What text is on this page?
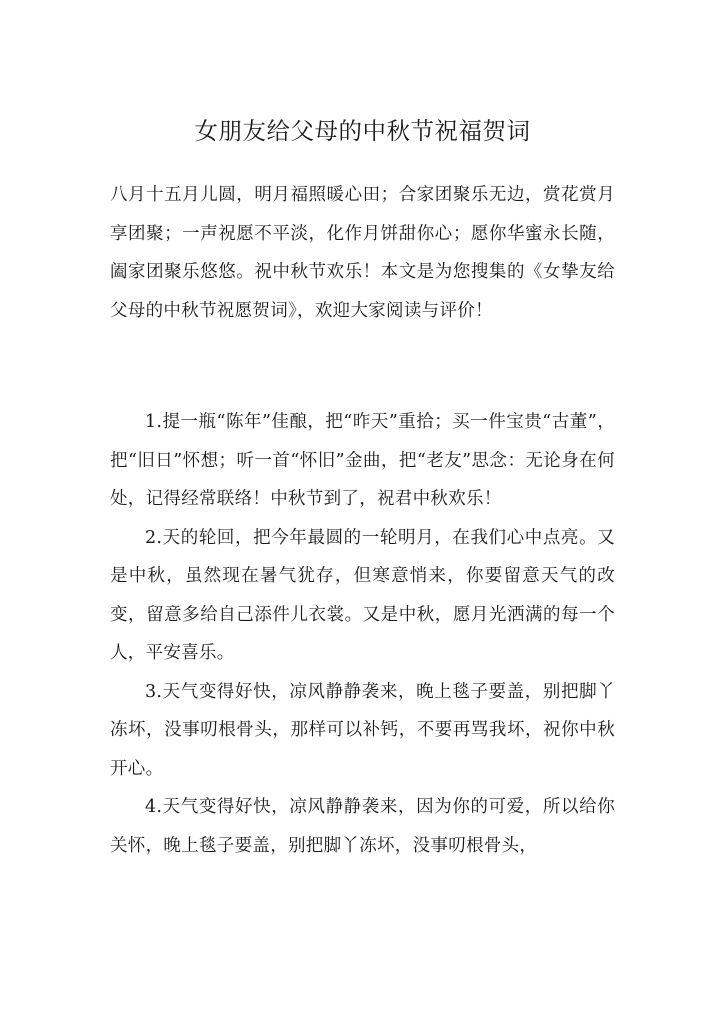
女朋友给父母的中秋节祝福贺词

八月十五月儿圆，明月福照暖心田；合家团聚乐无边，赏花赏月享团聚；一声祝愿不平淡，化作月饼甜你心；愿你华蜜永长随，阖家团聚乐悠悠。祝中秋节欢乐！本文是为您搜集的《女挚友给父母的中秋节祝愿贺词》，欢迎大家阅读与评价！

1.提一瓶“陈年”佳酿，把“昨天”重拾；买一件宝贵“古董”，把“旧日”怀想；听一首“怀旧”金曲，把“老友”思念：无论身在何处，记得经常联络！中秋节到了，祝君中秋欢乐！

2.天的轮回，把今年最圆的一轮明月，在我们心中点亮。又是中秋，虽然现在暑气犹存，但寒意悄来，你要留意天气的改变，留意多给自己添件儿衣裳。又是中秋，愿月光洒满的每一个人，平安喜乐。

3.天气变得好快，凉风静静袭来，晚上毯子要盖，别把脚丫冻坏，没事叨根骨头，那样可以补钙，不要再骂我坏，祝你中秋开心。

4.天气变得好快，凉风静静袭来，因为你的可爱，所以给你关怀，晚上毯子要盖，别把脚丫冻坏，没事叨根骨头，
